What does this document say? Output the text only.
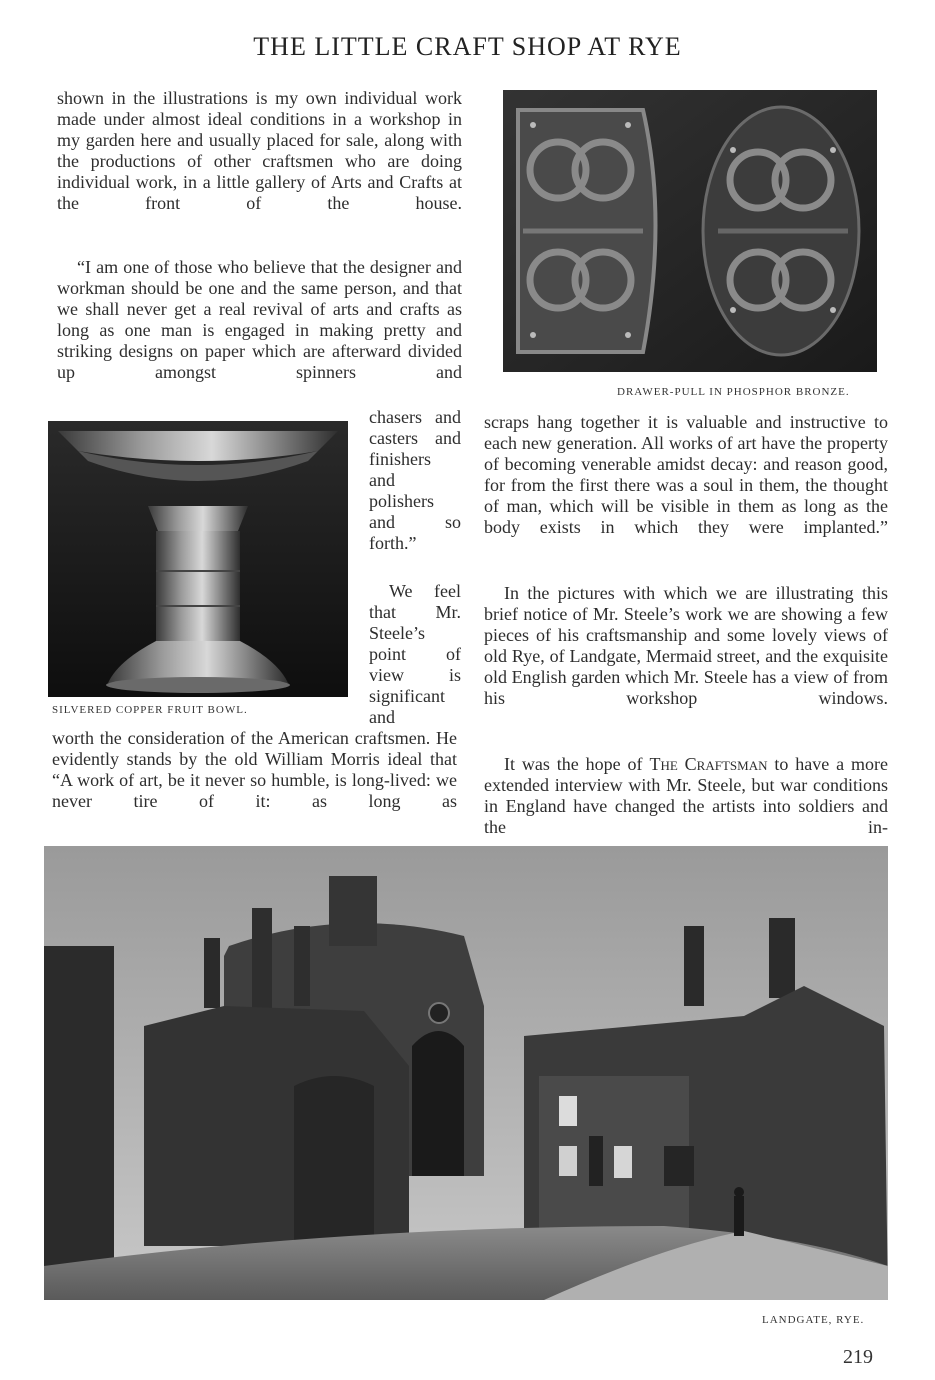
THE LITTLE CRAFT SHOP AT RYE

shown in the illustrations is my own individual work made under almost ideal conditions in a workshop in my garden here and usually placed for sale, along with the productions of other craftsmen who are doing individual work, in a little gallery of Arts and Crafts at the front of the house.

“I am one of those who believe that the designer and workman should be one and the same person, and that we shall never get a real revival of arts and crafts as long as one man is engaged in making pretty and striking designs on paper which are afterward divided up amongst spinners and

chasers and casters and finishers and polishers and so forth.”

We feel that Mr. Steele’s point of view is significant and

SILVERED COPPER FRUIT BOWL.

worth the consideration of the American craftsmen. He evidently stands by the old William Morris ideal that “A work of art, be it never so humble, is long-lived: we never tire of it: as long as

DRAWER-PULL IN PHOSPHOR BRONZE.

scraps hang together it is valuable and instructive to each new generation. All works of art have the property of becoming venerable amidst decay: and reason good, for from the first there was a soul in them, the thought of man, which will be visible in them as long as the body exists in which they were implanted.”

In the pictures with which we are illustrating this brief notice of Mr. Steele’s work we are showing a few pieces of his craftsmanship and some lovely views of old Rye, of Landgate, Mermaid street, and the exquisite old English garden which Mr. Steele has a view of from his workshop windows.

It was the hope of The Craftsman to have a more extended interview with Mr. Steele, but war conditions in England have changed the artists into soldiers and the in-

LANDGATE, RYE.

219
